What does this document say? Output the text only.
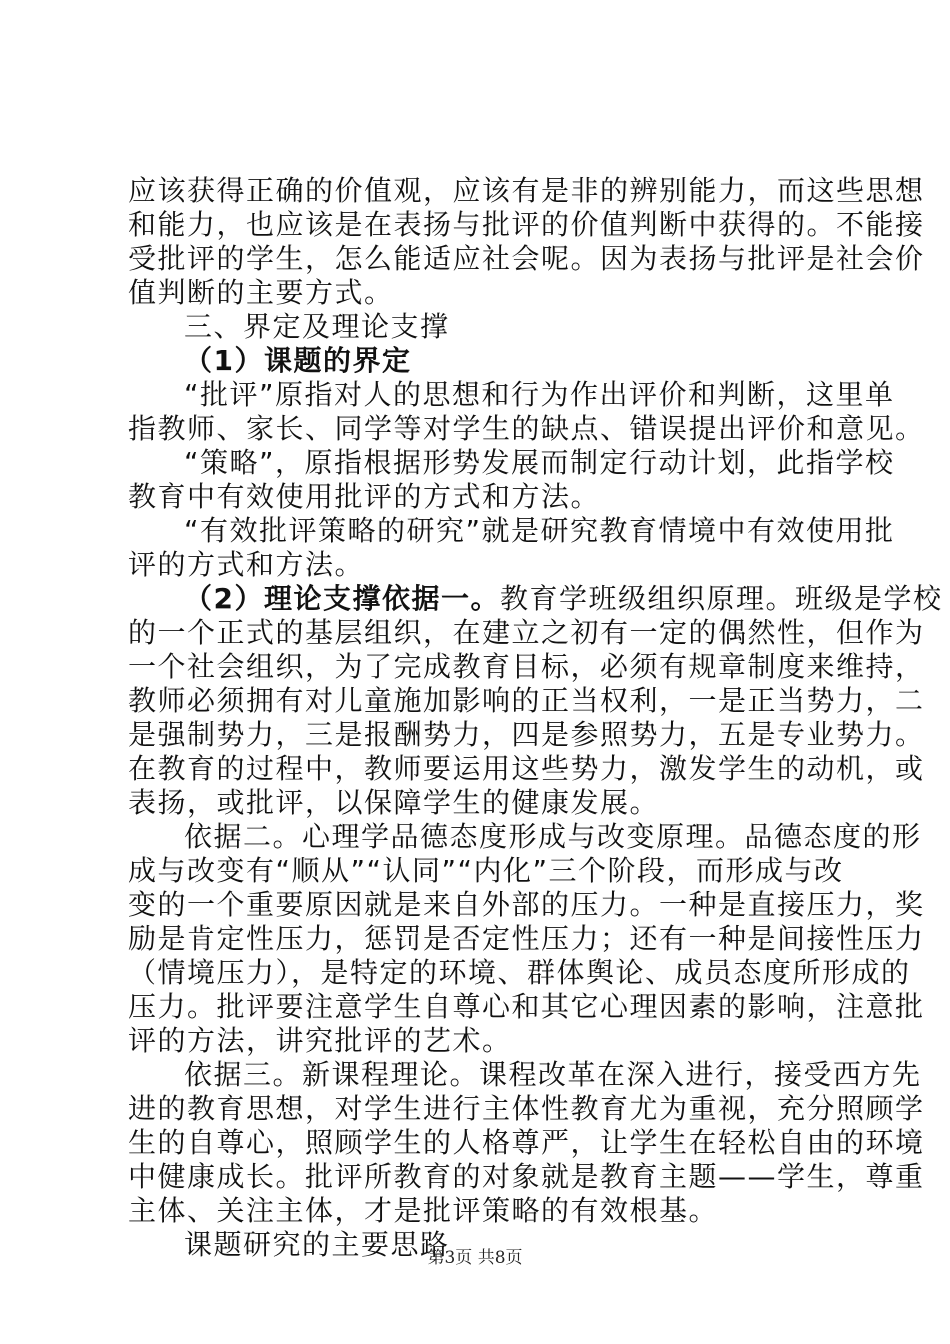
应该获得正确的价值观，应该有是非的辨别能力，而这些思想
和能力，也应该是在表扬与批评的价值判断中获得的。不能接
受批评的学生，怎么能适应社会呢。因为表扬与批评是社会价
值判断的主要方式。
三、界定及理论支撑
（1）课题的界定
“批评”原指对人的思想和行为作出评价和判断，这里单
指教师、家长、同学等对学生的缺点、错误提出评价和意见。
“策略”，原指根据形势发展而制定行动计划，此指学校
教育中有效使用批评的方式和方法。
“有效批评策略的研究”就是研究教育情境中有效使用批
评的方式和方法。
（2）理论支撑依据一。教育学班级组织原理。班级是学校
的一个正式的基层组织，在建立之初有一定的偶然性，但作为
一个社会组织，为了完成教育目标，必须有规章制度来维持，
教师必须拥有对儿童施加影响的正当权利，一是正当势力，二
是强制势力，三是报酬势力，四是参照势力，五是专业势力。
在教育的过程中，教师要运用这些势力，激发学生的动机，或
表扬，或批评，以保障学生的健康发展。
依据二。心理学品德态度形成与改变原理。品德态度的形
成与改变有“顺从”“认同”“内化”三个阶段，而形成与改
变的一个重要原因就是来自外部的压力。一种是直接压力，奖
励是肯定性压力，惩罚是否定性压力；还有一种是间接性压力
（情境压力），是特定的环境、群体舆论、成员态度所形成的
压力。批评要注意学生自尊心和其它心理因素的影响，注意批
评的方法，讲究批评的艺术。
依据三。新课程理论。课程改革在深入进行，接受西方先
进的教育思想，对学生进行主体性教育尤为重视，充分照顾学
生的自尊心，照顾学生的人格尊严，让学生在轻松自由的环境
中健康成长。批评所教育的对象就是教育主题——学生，尊重
主体、关注主体，才是批评策略的有效根基。
课题研究的主要思路
第3页 共8页
